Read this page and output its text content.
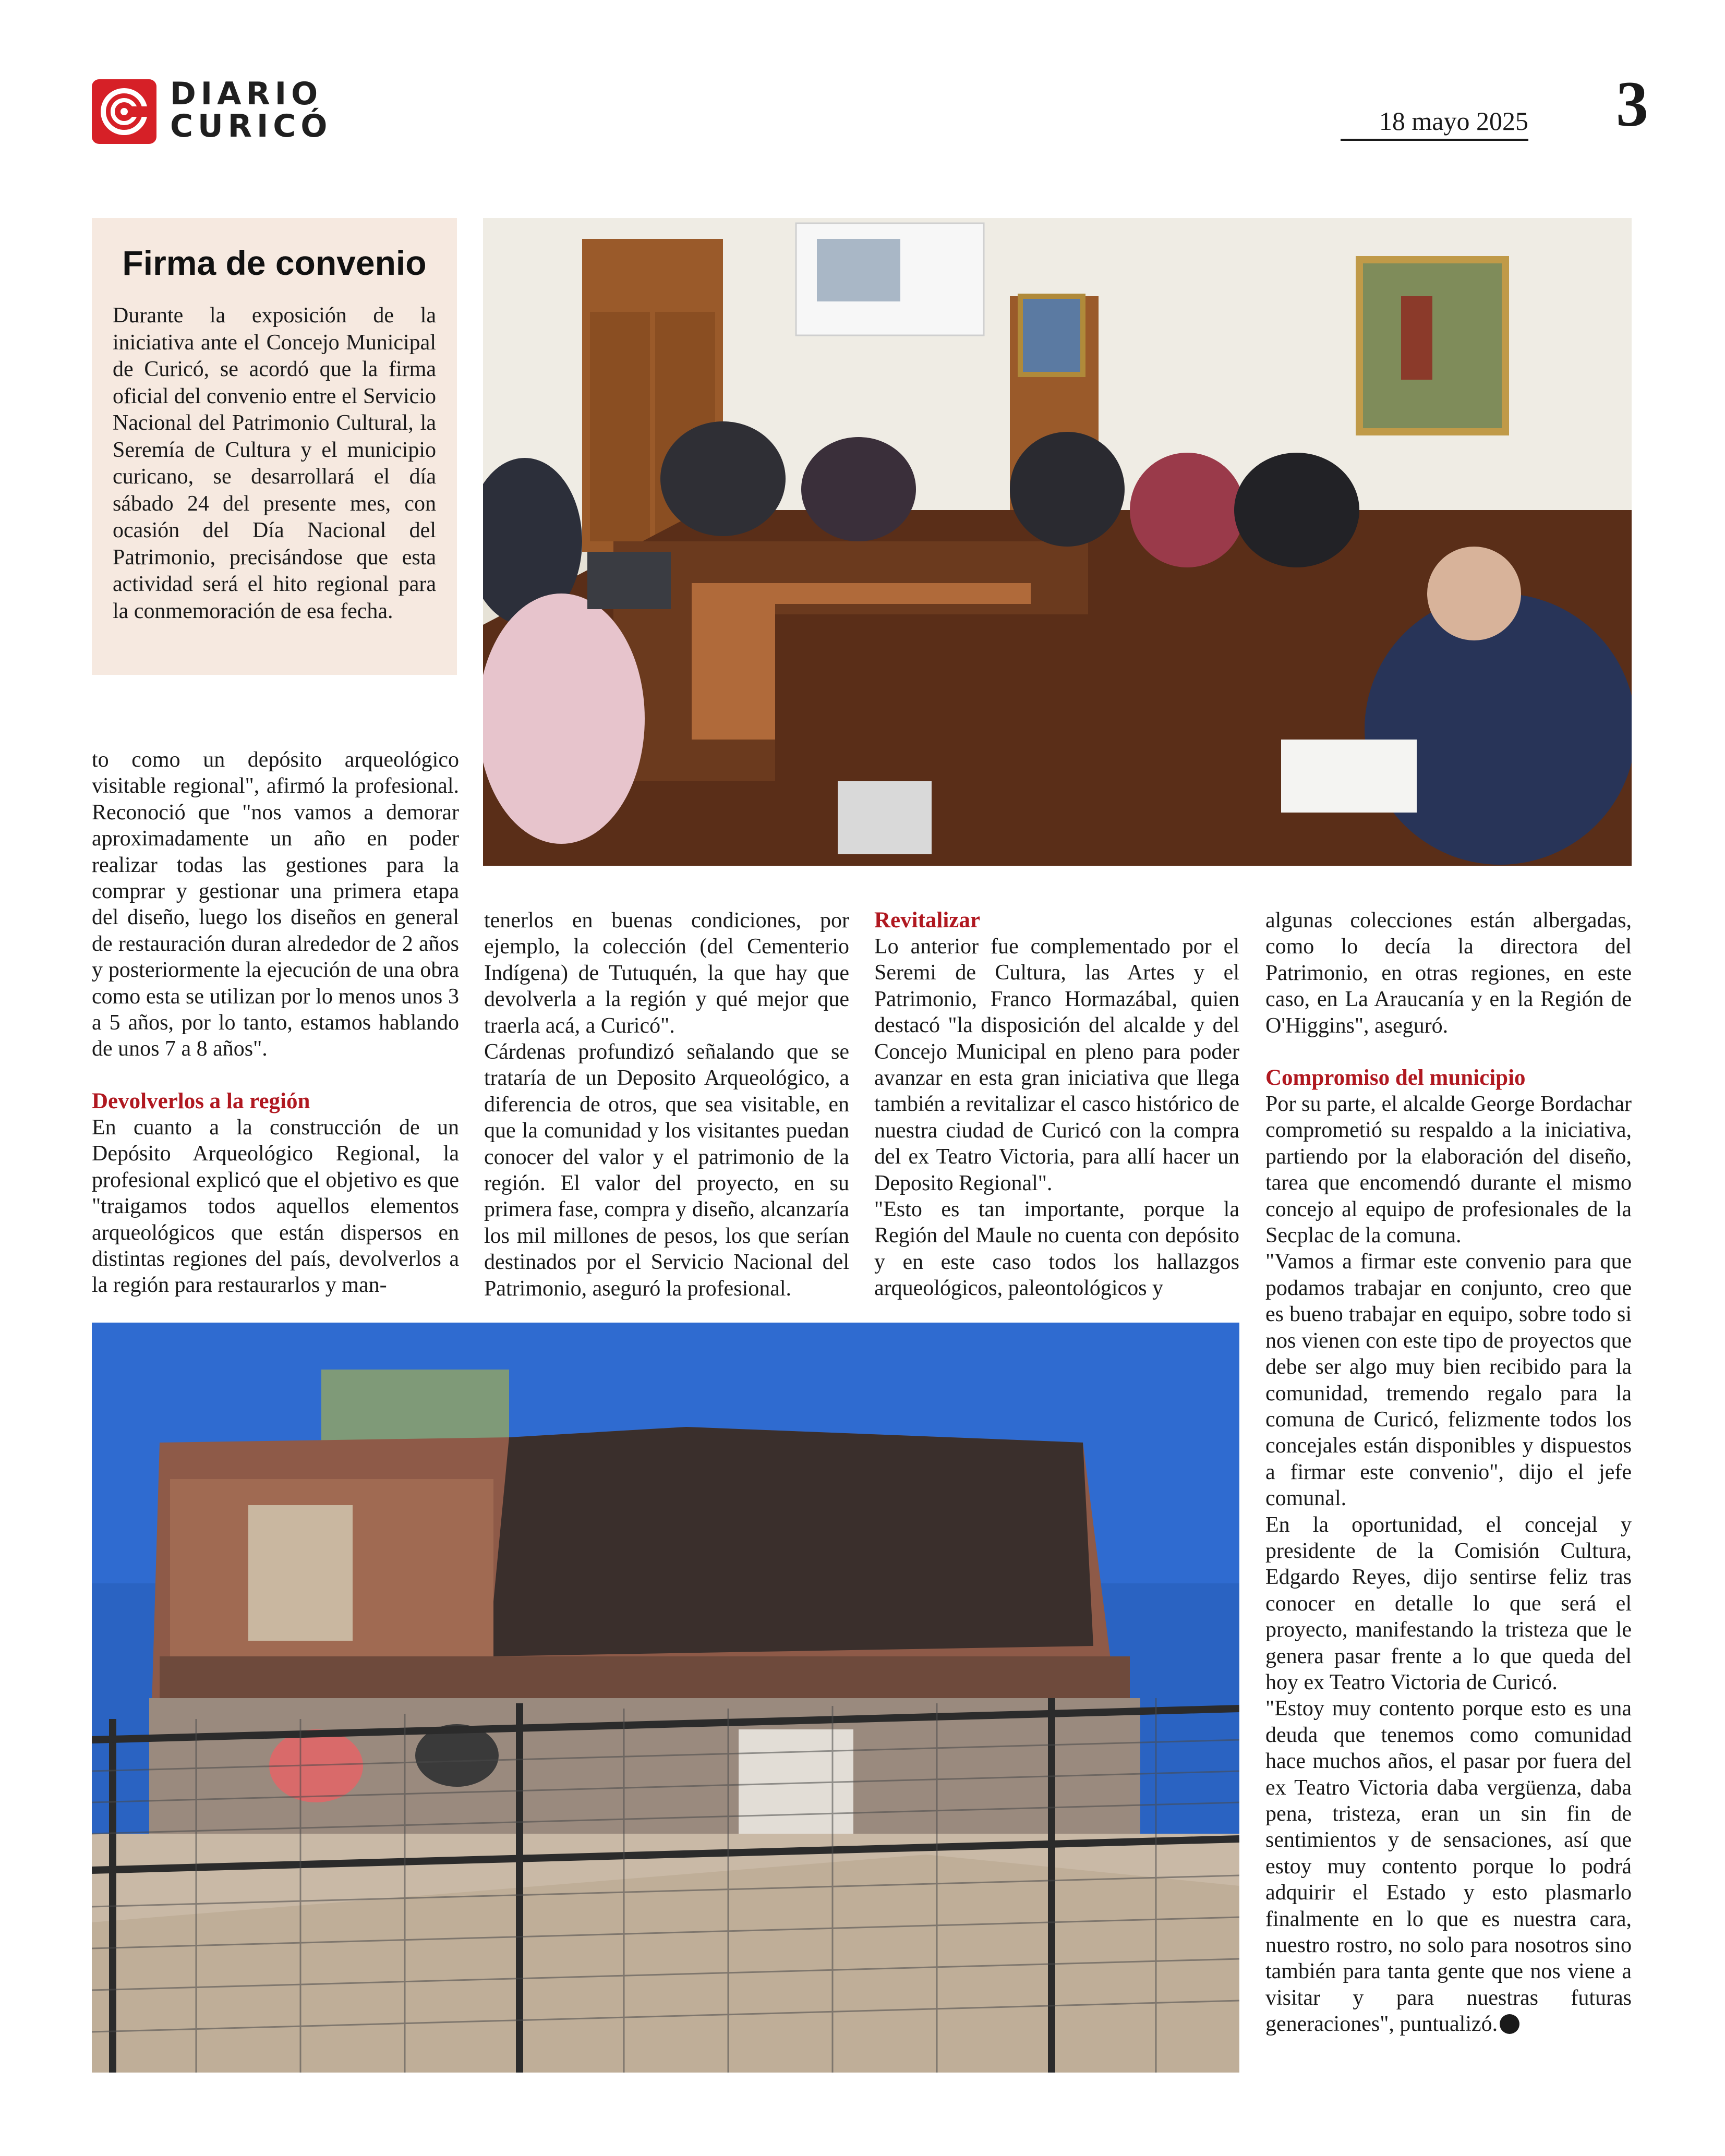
DIARIO
CURICÓ	18 mayo 2025	3
Firma de convenio

Durante la exposición de la iniciativa ante el Concejo Municipal de Curicó, se acordó que la firma oficial del convenio entre el Servicio Nacional del Patrimonio Cultural, la Seremía de Cultura y el municipio curicano, se desarrollará el día sábado 24 del presente mes, con ocasión del Día Nacional del Patrimonio, precisándose que esta actividad será el hito regional para la conmemoración de esa fecha.

to como un depósito arqueológico visitable regional", afirmó la profesional. Reconoció que "nos vamos a demorar aproximadamente un año en poder realizar todas las gestiones para la comprar y gestionar una primera etapa del diseño, luego los diseños en general de restauración duran alrededor de 2 años y posteriormente la ejecución de una obra como esta se utilizan por lo menos unos 3 a 5 años, por lo tanto, estamos hablando de unos 7 a 8 años".

Devolverlos a la región

En cuanto a la construcción de un Depósito Arqueológico Regional, la profesional explicó que el objetivo es que "traigamos todos aquellos elementos arqueológicos que están dispersos en distintas regiones del país, devolverlos a la región para restaurarlos y man-

tenerlos en buenas condiciones, por ejemplo, la colección (del Cementerio Indígena) de Tutuquén, la que hay que devolverla a la región y qué mejor que traerla acá, a Curicó".

Cárdenas profundizó señalando que se trataría de un Deposito Arqueológico, a diferencia de otros, que sea visitable, en que la comunidad y los visitantes puedan conocer del valor y el patrimonio de la región. El valor del proyecto, en su primera fase, compra y diseño, alcanzaría los mil millones de pesos, los que serían destinados por el Servicio Nacional del Patrimonio, aseguró la profesional.

Revitalizar

Lo anterior fue complementado por el Seremi de Cultura, las Artes y el Patrimonio, Franco Hormazábal, quien destacó "la disposición del alcalde y del Concejo Municipal en pleno para poder avanzar en esta gran iniciativa que llega también a revitalizar el casco histórico de nuestra ciudad de Curicó con la compra del ex Teatro Victoria, para allí hacer un Deposito Regional".

"Esto es tan importante, porque la Región del Maule no cuenta con depósito y en este caso todos los hallazgos arqueológicos, paleontológicos y

algunas colecciones están albergadas, como lo decía la directora del Patrimonio, en otras regiones, en este caso, en La Araucanía y en la Región de O'Higgins", aseguró.

Compromiso del municipio

Por su parte, el alcalde George Bordachar comprometió su respaldo a la iniciativa, partiendo por la elaboración del diseño, tarea que encomendó durante el mismo concejo al equipo de profesionales de la Secplac de la comuna.

"Vamos a firmar este convenio para que podamos trabajar en conjunto, creo que es bueno trabajar en equipo, sobre todo si nos vienen con este tipo de proyectos que debe ser algo muy bien recibido para la comunidad, tremendo regalo para la comuna de Curicó, felizmente todos los concejales están disponibles y dispuestos a firmar este convenio", dijo el jefe comunal.

En la oportunidad, el concejal y presidente de la Comisión Cultura, Edgardo Reyes, dijo sentirse feliz tras conocer en detalle lo que será el proyecto, manifestando la tristeza que le genera pasar frente a lo que queda del hoy ex Teatro Victoria de Curicó.

"Estoy muy contento porque esto es una deuda que tenemos como comunidad hace muchos años, el pasar por fuera del ex Teatro Victoria daba vergüenza, daba pena, tristeza, eran un sin fin de sentimientos y de sensaciones, así que estoy muy contento porque lo podrá adquirir el Estado y esto plasmarlo finalmente en lo que es nuestra cara, nuestro rostro, no solo para nosotros sino también para tanta gente que nos viene a visitar y para nuestras futuras generaciones", puntualizó.
